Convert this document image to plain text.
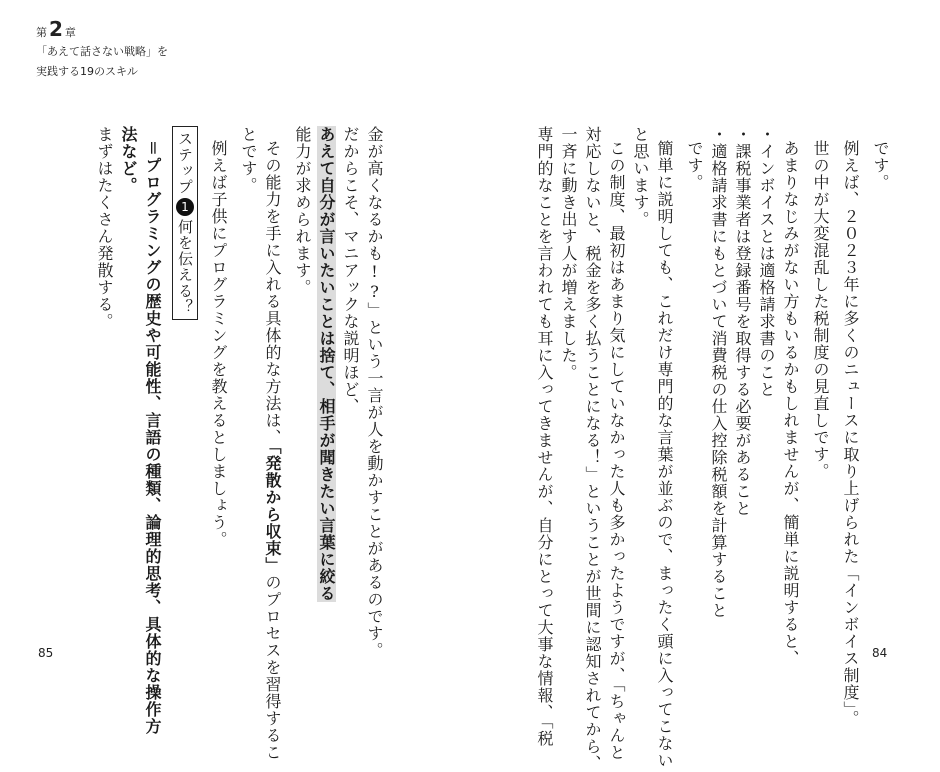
第 2 章
「あえて話さない戦略」を
実践する19のスキル
です。
例えば、２０２３年に多くのニュースに取り上げられた「インボイス制度」。
世の中が大変混乱した税制度の見直しです。
あまりなじみがない方もいるかもしれませんが、簡単に説明すると、
・インボイスとは適格請求書のこと
・課税事業者は登録番号を取得する必要があること
・適格請求書にもとづいて消費税の仕入控除税額を計算すること
です。
簡単に説明しても、これだけ専門的な言葉が並ぶので、まったく頭に入ってこない
と思います。
この制度、最初はあまり気にしていなかった人も多かったようですが、「ちゃんと
対応しないと、税金を多く払うことになる！」ということが世間に認知されてから、
一斉に動き出す人が増えました。
専門的なことを言われても耳に入ってきませんが、自分にとって大事な情報、「税
金が高くなるかも!?」という一言が人を動かすことがあるのです。
だからこそ、マニアックな説明ほど、
あえて自分が言いたいことは捨て、相手が聞きたい言葉に絞る
能力が求められます。
その能力を手に入れる具体的な方法は、「発散から収束」のプロセスを習得するこ
とです。
例えば子供にプログラミングを教えるとしましょう。
ステップ1何を伝える？
＝プログラミングの歴史や可能性、言語の種類、論理的思考、具体的な操作方
法など。
まずはたくさん発散する。
85	84
